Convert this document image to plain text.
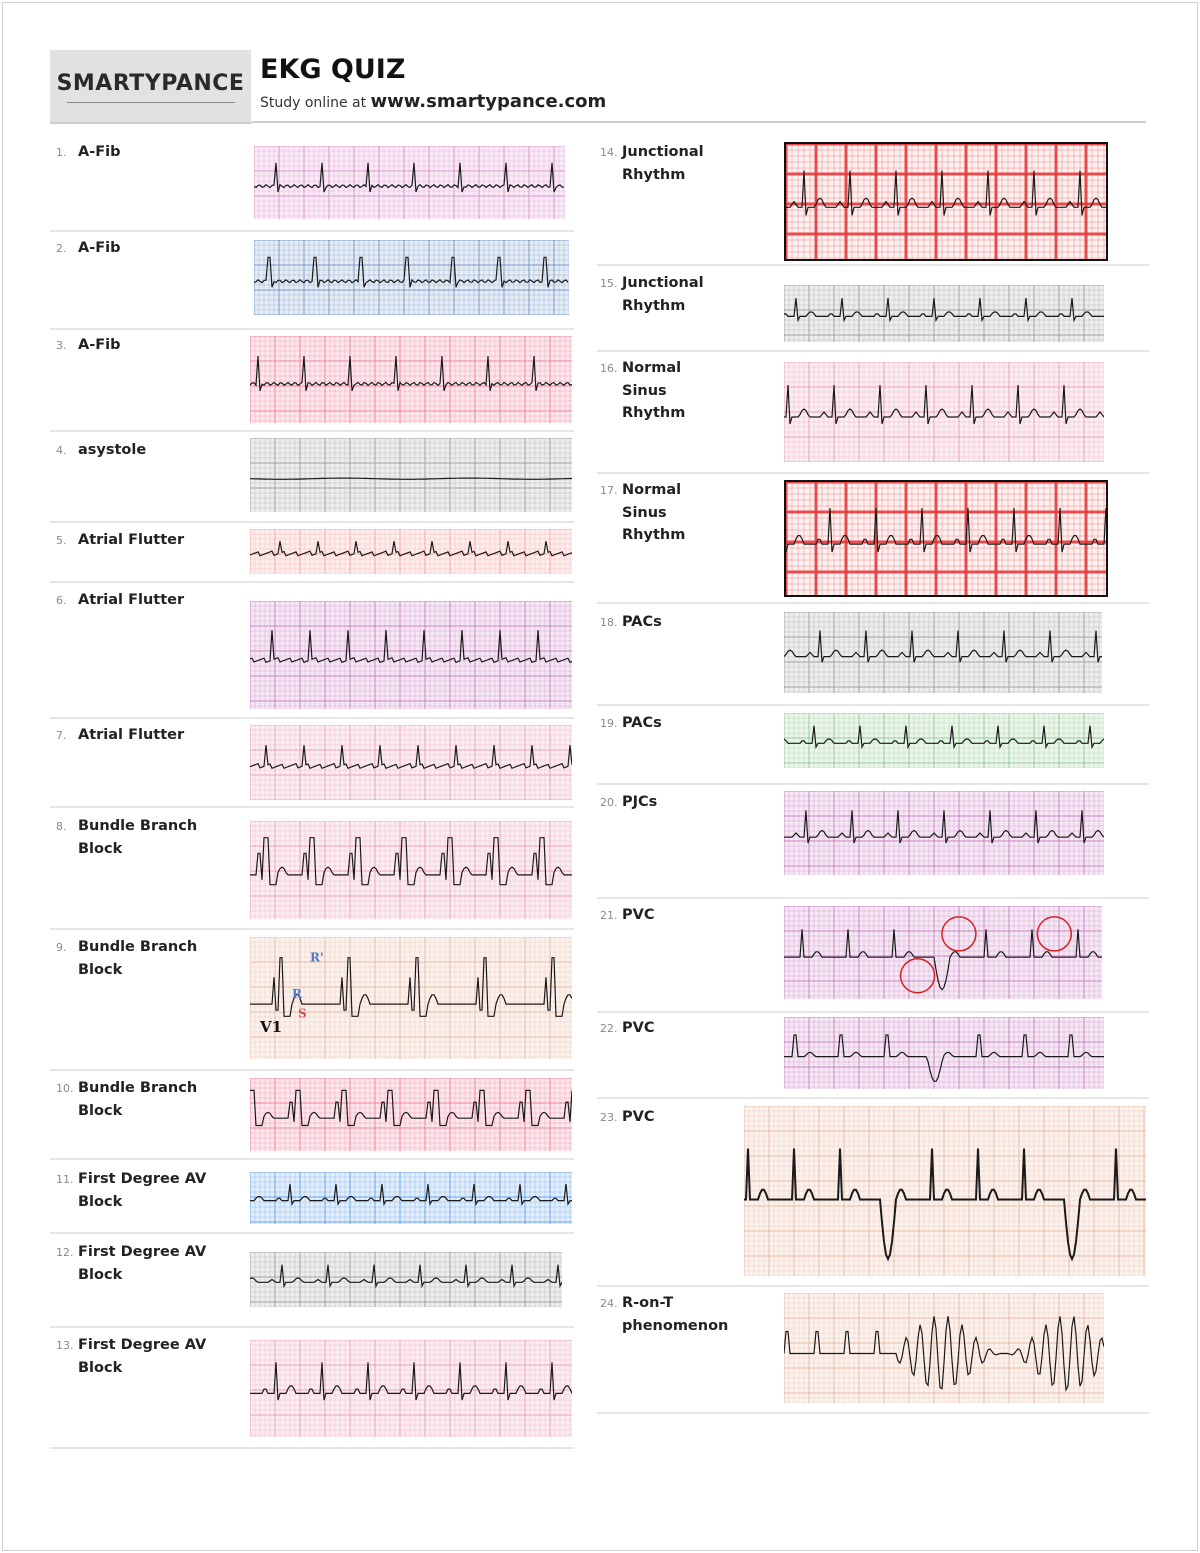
SMARTYPANCE EKG QUIZ
Study online at www.smartypance.com
1. A-Fib
2. A-Fib
3. A-Fib
4. asystole
5. Atrial Flutter
6. Atrial Flutter
7. Atrial Flutter
8. Bundle Branch
Block
9. Bundle Branch
Block
V1
R'
R
S
10. Bundle Branch
Block
11. First Degree AV
Block
12. First Degree AV
Block
13. First Degree AV
Block
14. Junctional
Rhythm
15. Junctional
Rhythm
16. Normal
Sinus
Rhythm
17. Normal
Sinus
Rhythm
18. PACs
19. PACs
20. PJCs
21. PVC
22. PVC
23. PVC
24. R-on-T
phenomenon
